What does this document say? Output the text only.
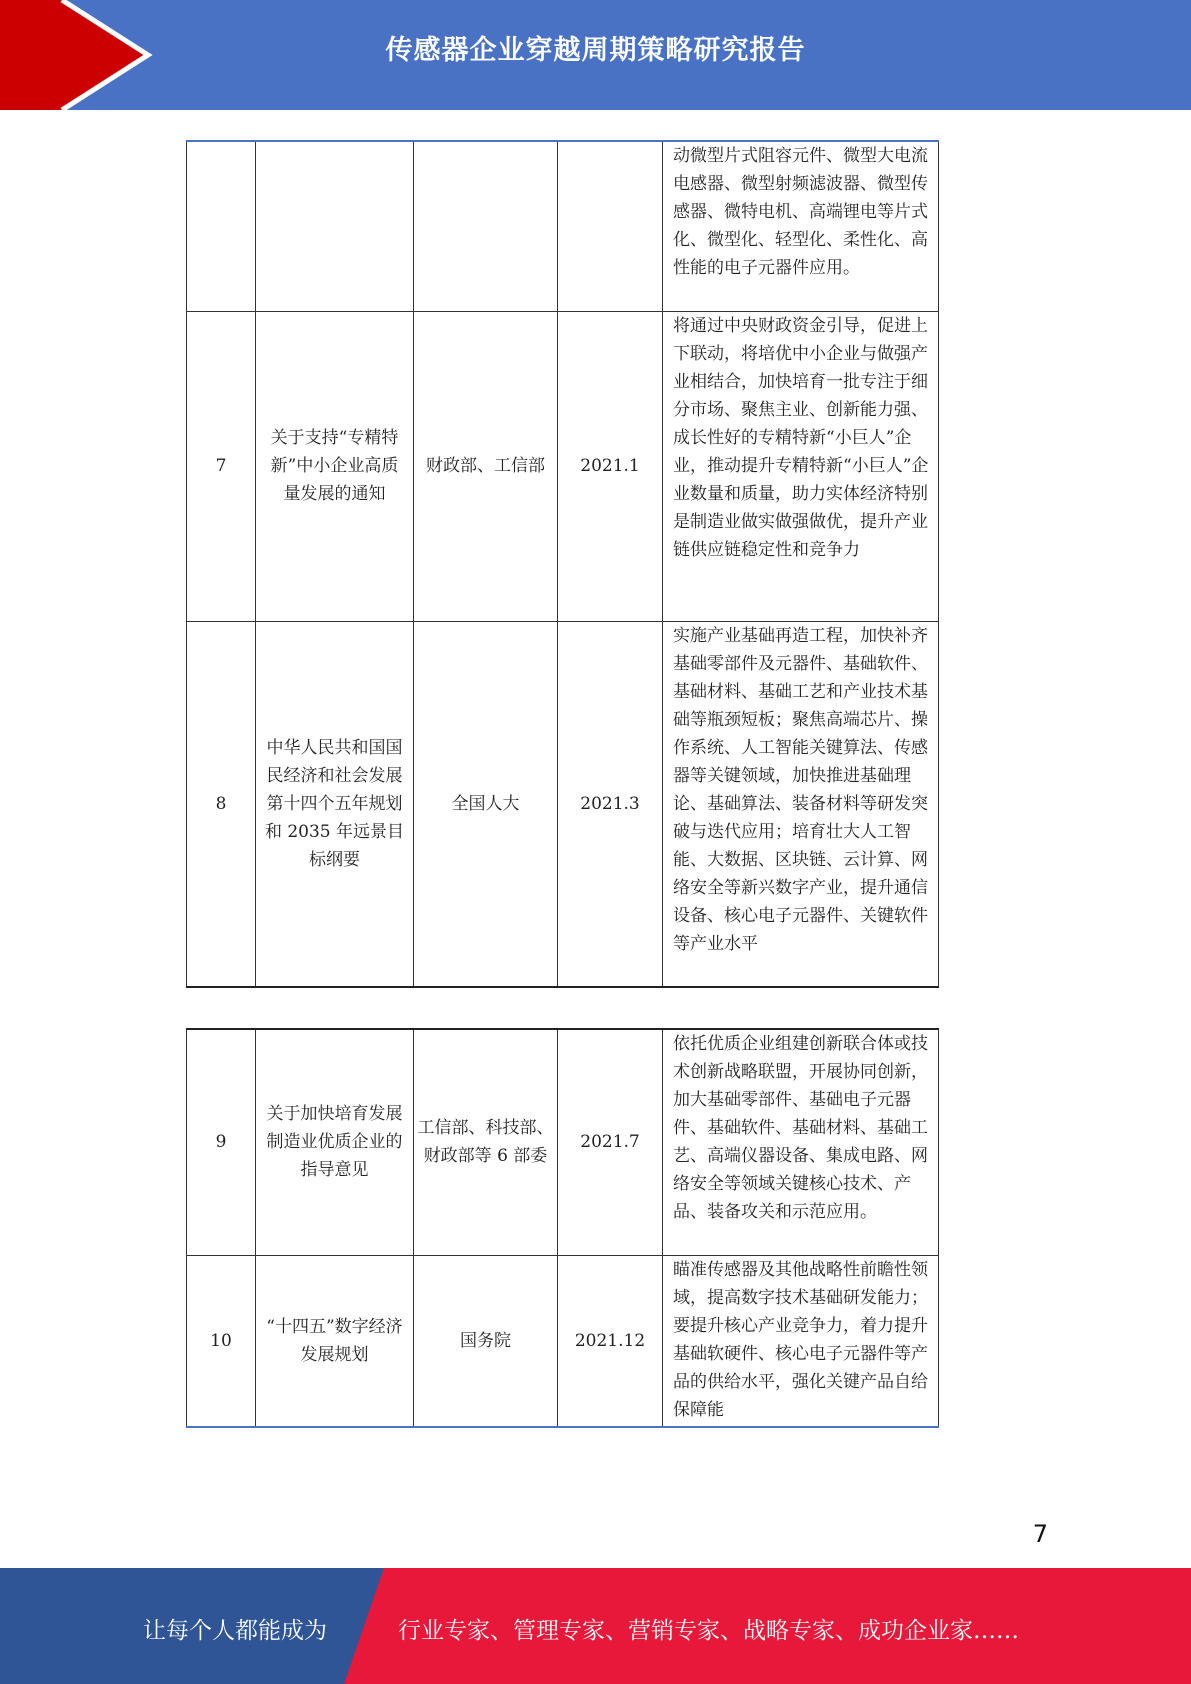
传感器企业穿越周期策略研究报告
				动微型片式阻容元件、微型大电流电感器、微型射频滤波器、微型传感器、微特电机、高端锂电等片式化、微型化、轻型化、柔性化、高性能的电子元器件应用。
7	关于支持“专精特新”中小企业高质量发展的通知	财政部、工信部	2021.1	将通过中央财政资金引导，促进上下联动，将培优中小企业与做强产业相结合，加快培育一批专注于细分市场、聚焦主业、创新能力强、成长性好的专精特新“小巨人”企业，推动提升专精特新“小巨人”企业数量和质量，助力实体经济特别是制造业做实做强做优，提升产业链供应链稳定性和竞争力
8	中华人民共和国国民经济和社会发展第十四个五年规划和 2035 年远景目标纲要	全国人大	2021.3	实施产业基础再造工程，加快补齐基础零部件及元器件、基础软件、基础材料、基础工艺和产业技术基础等瓶颈短板；聚焦高端芯片、操作系统、人工智能关键算法、传感器等关键领域，加快推进基础理论、基础算法、装备材料等研发突破与迭代应用；培育壮大人工智能、大数据、区块链、云计算、网络安全等新兴数字产业，提升通信设备、核心电子元器件、关键软件等产业水平
9	关于加快培育发展制造业优质企业的指导意见	工信部、科技部、财政部等 6 部委	2021.7	依托优质企业组建创新联合体或技术创新战略联盟，开展协同创新，加大基础零部件、基础电子元器件、基础软件、基础材料、基础工艺、高端仪器设备、集成电路、网络安全等领域关键核心技术、产品、装备攻关和示范应用。
10	“十四五”数字经济发展规划	国务院	2021.12	瞄准传感器及其他战略性前瞻性领域，提高数字技术基础研发能力；要提升核心产业竞争力，着力提升基础软硬件、核心电子元器件等产品的供给水平，强化关键产品自给保障能
7
让每个人都能成为	行业专家、管理专家、营销专家、战略专家、成功企业家……
